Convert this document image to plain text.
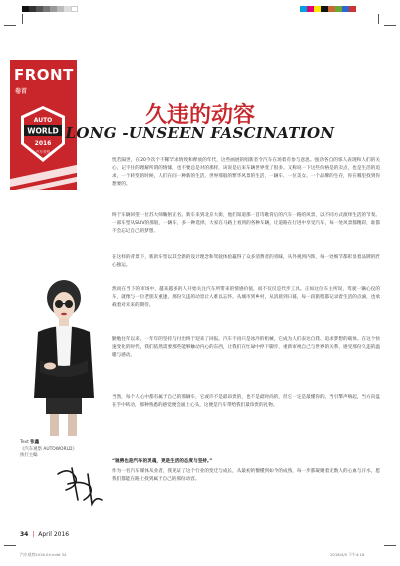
FRONT
卷首
AUTO
WORLD
2016
汽车观察
久违的动容
LONG -UNSEEN FASCINATION
恍若隔世，在20今次个不稀罕求情致和释放的年代，这些画展的唱新者令汽车在场着有参与意思。强劲各自的惊人表现和人们的关心，记不住的理解所谓的情愫，也不要总是对的那样，该说是后来车辆世界变了很多。又称说一下这些价格是的卖点，也是生活的追求，一个转变的时候，人们在问一种新的生活，世界那般的繁华风景的生活，一辆车、一位美女、一个品牌的生存，你在哪里找到你想要的。
终于车辆回望一位苏大师鞠躬正名。新车来到北京大街，他们知道那一首诗歌背后的汽车一路的风景，以不同方式演绎生活的节奏。一部车型从SUV的那般，一辆车，多一种选择，大家在马路上看到的各种车辆，让道路在行进中享受汽车，每一处风景都精彩，谁都不会忘记自己的梦想。
在这样的背景下，新款车型以其全新的设计理念和驾驶体验赢得了众多消费者的青睐，从外观到内饰，每一处细节都彰显着品牌的匠心独运。
Text 张鑫
《汽车观察 AUTOWORLD》
执行主编
然而在当下的市场中，越来越多的人开始关注汽车所带来的情感价值，而不仅仅是代步工具。正如这位车主所说，驾驶一辆心仪的车，就像与一位老朋友重逢，那份久违的动容让人难以忘怀。从城市到乡村，从清晨到日暮，每一段旅程都记录着生活的点滴，也承载着对未来的期待。
勤勉往年以来，一年年的坚持与付出终于迎来了回报。汽车不再只是冰冷的机械，它成为人们表达自我、追求梦想的载体。在这个快速变化的时代，我们依然需要那些能够触动内心的东西，让我们在忙碌中停下脚步，重新审视自己与世界的关系，感受那份久违的温暖与感动。
当然，每个人心中都有属于自己的那辆车，它或许不是最昂贵的，也不是最时尚的，但它一定是最懂你的。当引擎声响起，当方向盘在手中转动，那种熟悉的感觉便会涌上心头，这便是汽车带给我们最珍贵的礼物。
“驰骋也是汽车的灵魂，更是生活的态度与坚持。”
作为一名汽车媒体从业者，我见证了这个行业的变迁与成长，从最初的懵懂到如今的成熟，每一步都凝聚着无数人的心血与汗水，愿我们都能在路上找到属于自己的那份动容。
34 | April 2016
汽车观察2016.04.indd 34	2016/4/5 下午4:18
